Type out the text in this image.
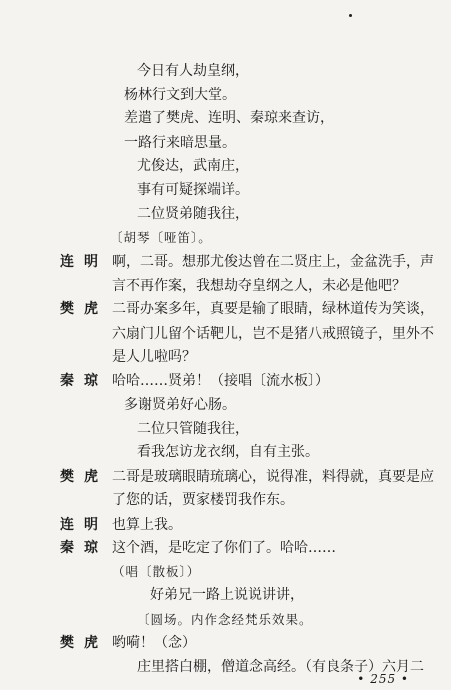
今日有人劫皇纲，
杨林行文到大堂。
差遣了樊虎、连明、秦琼来查访，
一路行来暗思量。
尤俊达，武南庄，
事有可疑探端详。
二位贤弟随我往，
〔胡琴〔哑笛〕。
连明 啊，二哥。想那尤俊达曾在二贤庄上，金盆洗手，声
言不再作案，我想劫夺皇纲之人，未必是他吧？
樊虎 二哥办案多年，真要是输了眼睛，绿林道传为笑谈，
六扇门儿留个话靶儿，岂不是猪八戒照镜子，里外不
是人儿啦吗？
秦琼 哈哈……贤弟！（接唱〔流水板〕）
多谢贤弟好心肠。
二位只管随我往，
看我怎访龙衣纲，自有主张。
樊虎 二哥是玻璃眼睛琉璃心，说得准，料得就，真要是应
了您的话，贾家楼罚我作东。
连明 也算上我。
秦琼 这个酒，是吃定了你们了。哈哈……
（唱〔散板〕）
好弟兄一路上说说讲讲，
〔圆场。内作念经梵乐效果。
樊虎 哟嗬！（念）
庄里搭白棚，僧道念高经。（有良条子）六月二
• 255 •
